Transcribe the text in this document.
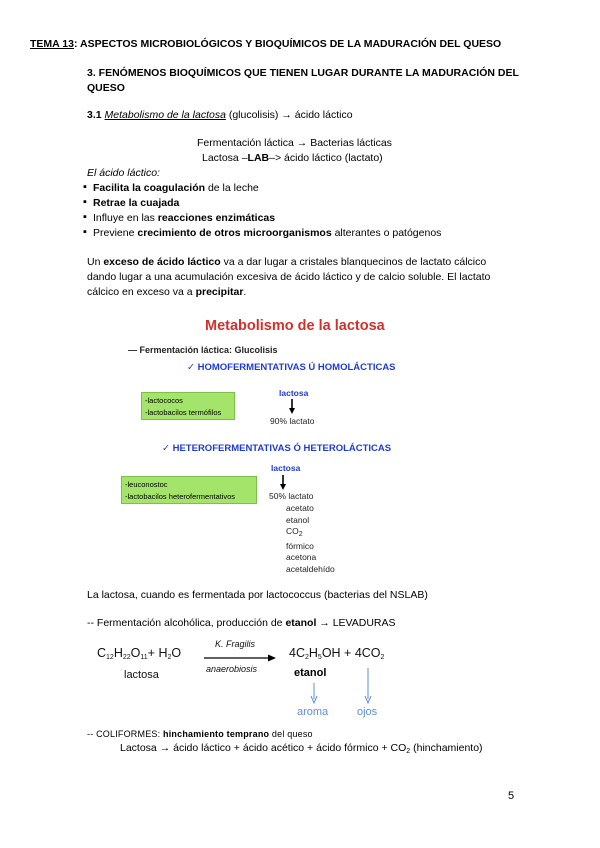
TEMA 13: ASPECTOS MICROBIOLÓGICOS Y BIOQUÍMICOS DE LA MADURACIÓN DEL QUESO
3. FENÓMENOS BIOQUÍMICOS QUE TIENEN LUGAR DURANTE LA MADURACIÓN DEL
QUESO
3.1 Metabolismo de la lactosa (glucolisis) → ácido láctico
Fermentación láctica → Bacterias lácticas
Lactosa –LAB–> ácido láctico (lactato)
El ácido láctico:
▪ Facilita la coagulación de la leche
▪ Retrae la cuajada
▪ Influye en las reacciones enzimáticas
▪ Previene crecimiento de otros microorganismos alterantes o patógenos
Un exceso de ácido láctico va a dar lugar a cristales blanquecinos de lactato cálcico
dando lugar a una acumulación excesiva de ácido láctico y de calcio soluble. El lactato
cálcico en exceso va a precipitar.
Metabolismo de la lactosa
— Fermentación láctica: Glucolisis
✓ HOMOFERMENTATIVAS Ú HOMOLÁCTICAS
-lactococos
-lactobacilos termófilos
lactosa
90% lactato
✓ HETEROFERMENTATIVAS Ó HETEROLÁCTICAS
lactosa
-leuconostoc
-lactobacilos heterofermentativos	50% lactato
acetato
etanol
$CO_2$
fórmico
acetona
acetaldehído
La lactosa, cuando es fermentada por lactococcus (bacterias del NSLAB)
-- Fermentación alcohólica, producción de etanol → LEVADURAS
$C_{12}H_{22}O_{11}+ H_2O$
lactosa
K. Fragilis
anaerobiosis
$4C_2H_5OH + 4CO_2$
etanol
aroma	ojos
-- COLIFORMES: hinchamiento temprano del queso
Lactosa → ácido láctico + ácido acético + ácido fórmico + $CO_2$ (hinchamiento)
5
